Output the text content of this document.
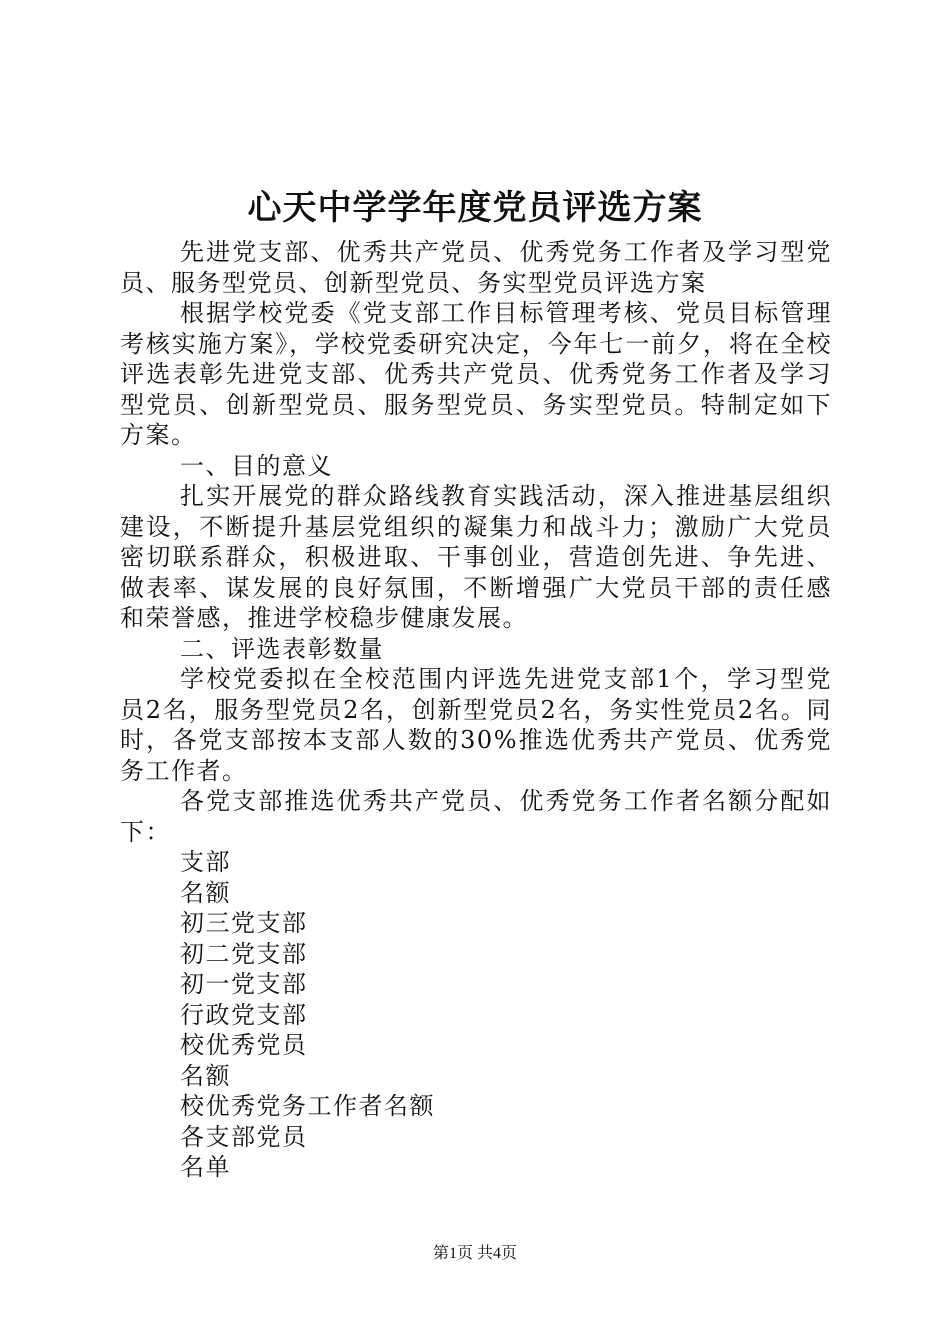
心天中学学年度党员评选方案

先进党支部、优秀共产党员、优秀党务工作者及学习型党员、服务型党员、创新型党员、务实型党员评选方案

根据学校党委《党支部工作目标管理考核、党员目标管理考核实施方案》，学校党委研究决定，今年七一前夕，将在全校评选表彰先进党支部、优秀共产党员、优秀党务工作者及学习型党员、创新型党员、服务型党员、务实型党员。特制定如下方案。

一、目的意义

扎实开展党的群众路线教育实践活动，深入推进基层组织建设，不断提升基层党组织的凝集力和战斗力；激励广大党员密切联系群众，积极进取、干事创业，营造创先进、争先进、做表率、谋发展的良好氛围，不断增强广大党员干部的责任感和荣誉感，推进学校稳步健康发展。

二、评选表彰数量

学校党委拟在全校范围内评选先进党支部1个，学习型党员2名，服务型党员2名，创新型党员2名，务实性党员2名。同时，各党支部按本支部人数的30%推选优秀共产党员、优秀党务工作者。

各党支部推选优秀共产党员、优秀党务工作者名额分配如下：

支部
名额
初三党支部
初二党支部
初一党支部
行政党支部
校优秀党员
名额
校优秀党务工作者名额
各支部党员
名单
第1页 共4页
